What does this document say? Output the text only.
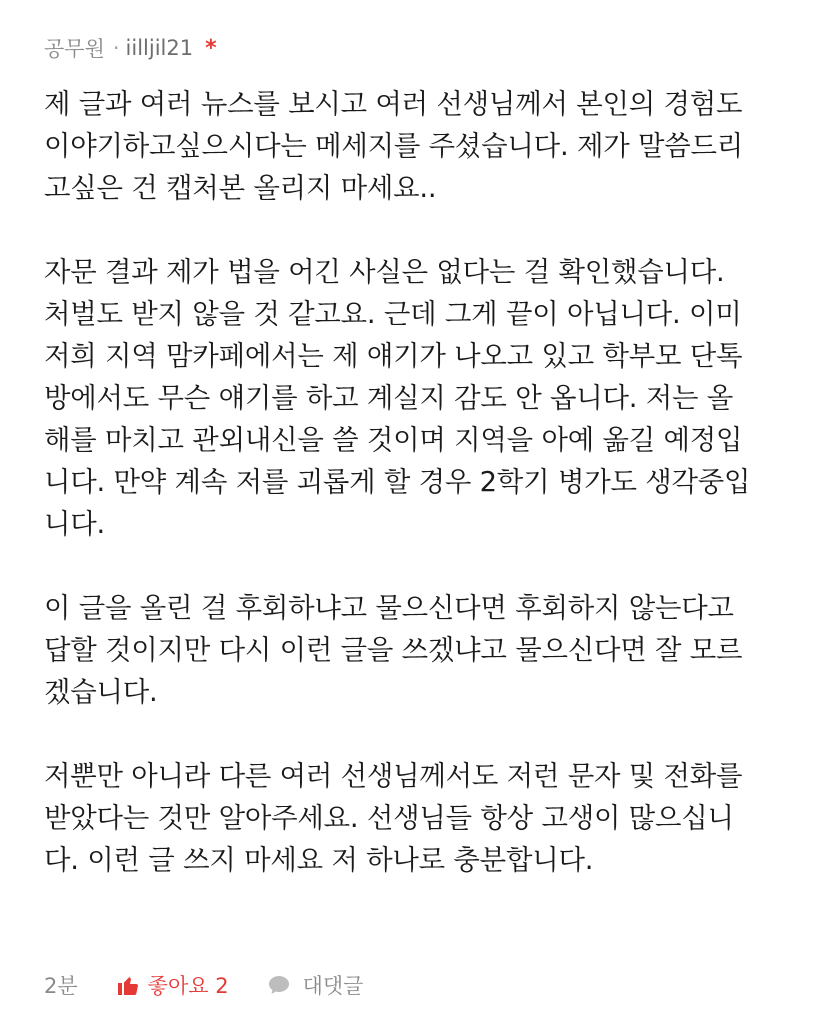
공무원 · iilljil21 *
제 글과 여러 뉴스를 보시고 여러 선생님께서 본인의 경험도
이야기하고싶으시다는 메세지를 주셨습니다. 제가 말씀드리
고싶은 건 캡처본 올리지 마세요..
자문 결과 제가 법을 어긴 사실은 없다는 걸 확인했습니다.
처벌도 받지 않을 것 같고요. 근데 그게 끝이 아닙니다. 이미
저희 지역 맘카페에서는 제 얘기가 나오고 있고 학부모 단톡
방에서도 무슨 얘기를 하고 계실지 감도 안 옵니다. 저는 올
해를 마치고 관외내신을 쓸 것이며 지역을 아예 옮길 예정입
니다. 만약 계속 저를 괴롭게 할 경우 2학기 병가도 생각중입
니다.
이 글을 올린 걸 후회하냐고 물으신다면 후회하지 않는다고
답할 것이지만 다시 이런 글을 쓰겠냐고 물으신다면 잘 모르
겠습니다.
저뿐만 아니라 다른 여러 선생님께서도 저런 문자 및 전화를
받았다는 것만 알아주세요. 선생님들 항상 고생이 많으십니
다. 이런 글 쓰지 마세요 저 하나로 충분합니다.
2분	좋아요 2	대댓글
